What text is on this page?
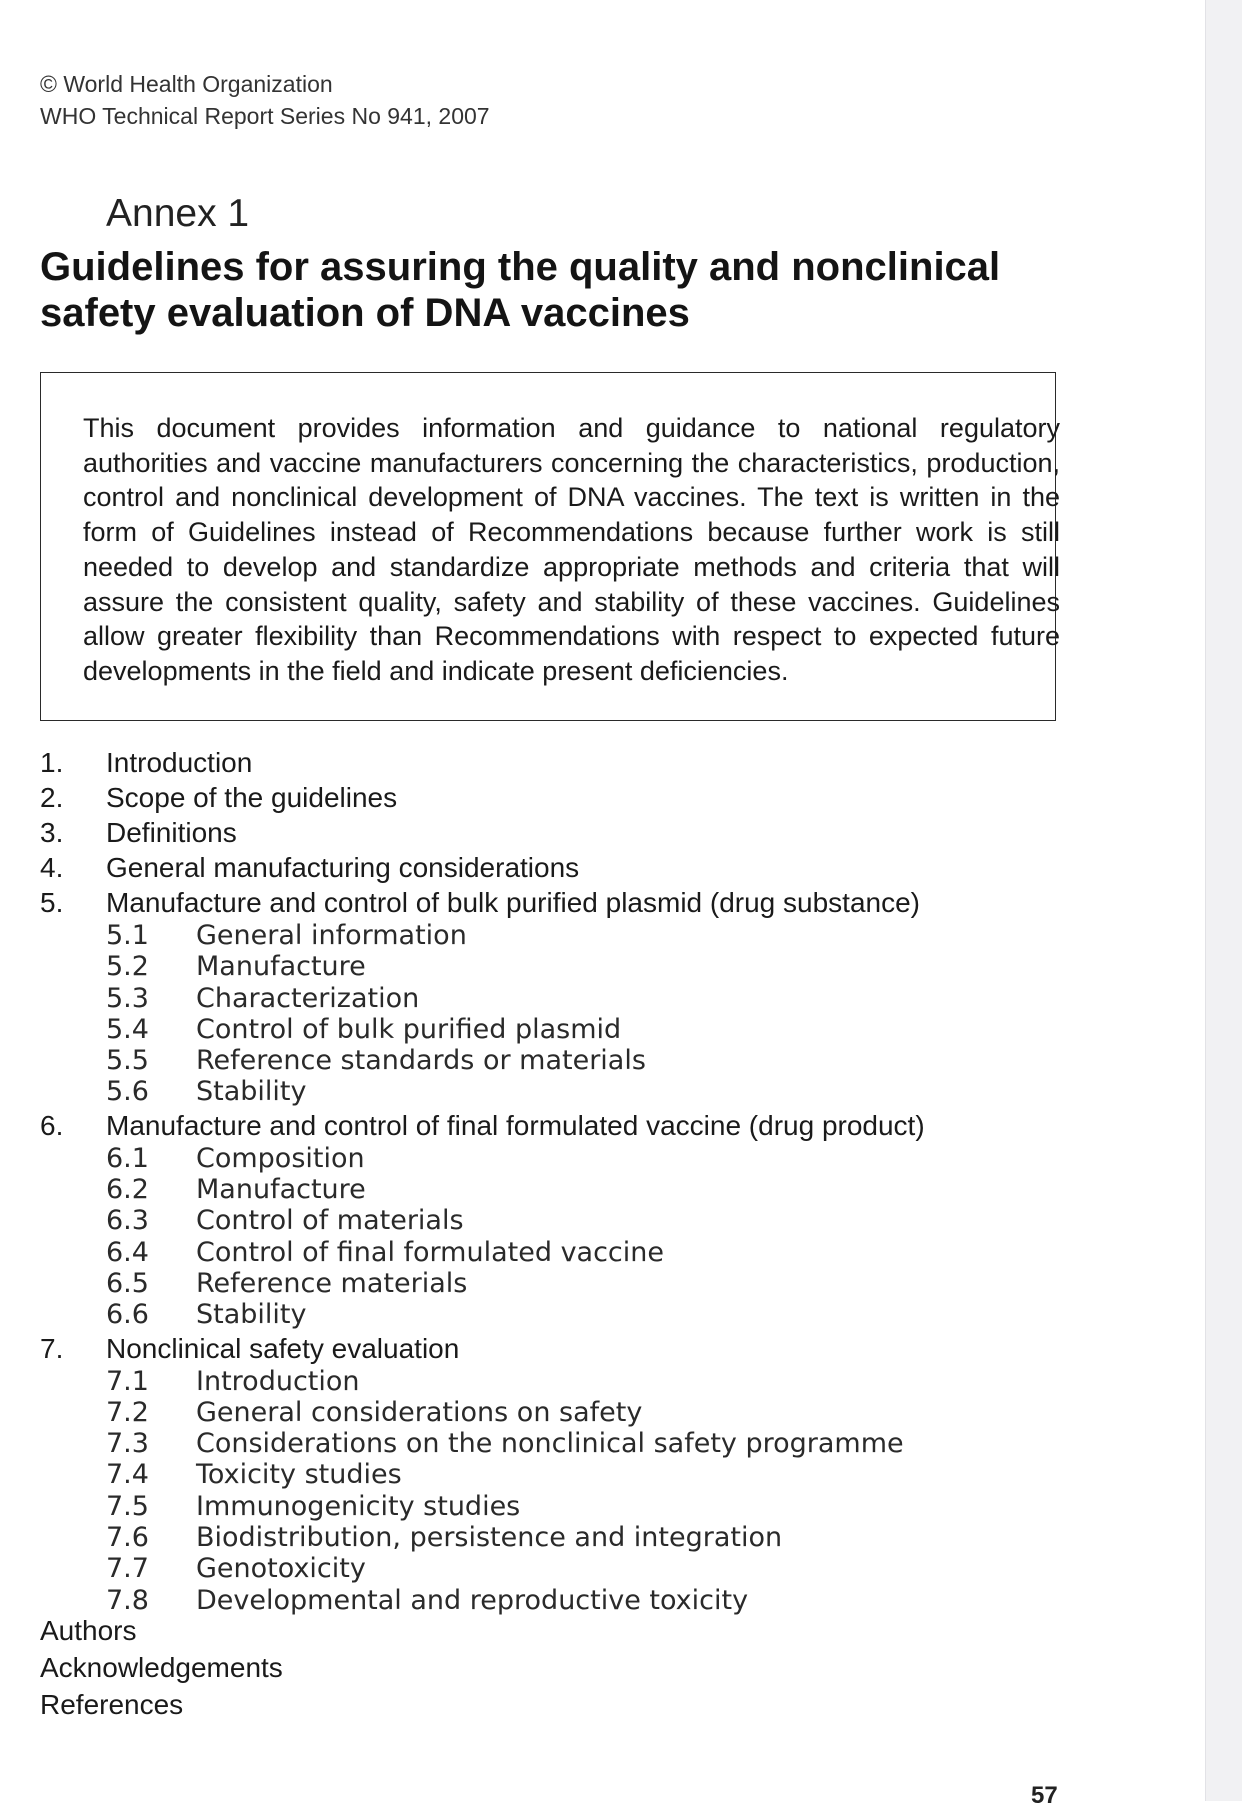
© World Health Organization
WHO Technical Report Series No 941, 2007
Annex 1
Guidelines for assuring the quality and nonclinical
safety evaluation of DNA vaccines
This document provides information and guidance to national regulatory authorities and vaccine manufacturers concerning the characteristics, production, control and nonclinical development of DNA vaccines. The text is written in the form of Guidelines instead of Recommendations because further work is still needed to develop and standardize appropriate methods and criteria that will assure the consistent quality, safety and stability of these vaccines. Guidelines allow greater flexibility than Recommendations with respect to expected future developments in the field and indicate present deficiencies.
1.	Introduction
2.	Scope of the guidelines
3.	Definitions
4.	General manufacturing considerations
5.	Manufacture and control of bulk purified plasmid (drug substance)
5.1	General information
5.2	Manufacture
5.3	Characterization
5.4	Control of bulk purified plasmid
5.5	Reference standards or materials
5.6	Stability
6.	Manufacture and control of final formulated vaccine (drug product)
6.1	Composition
6.2	Manufacture
6.3	Control of materials
6.4	Control of final formulated vaccine
6.5	Reference materials
6.6	Stability
7.	Nonclinical safety evaluation
7.1	Introduction
7.2	General considerations on safety
7.3	Considerations on the nonclinical safety programme
7.4	Toxicity studies
7.5	Immunogenicity studies
7.6	Biodistribution, persistence and integration
7.7	Genotoxicity
7.8	Developmental and reproductive toxicity
Authors
Acknowledgements
References
57
